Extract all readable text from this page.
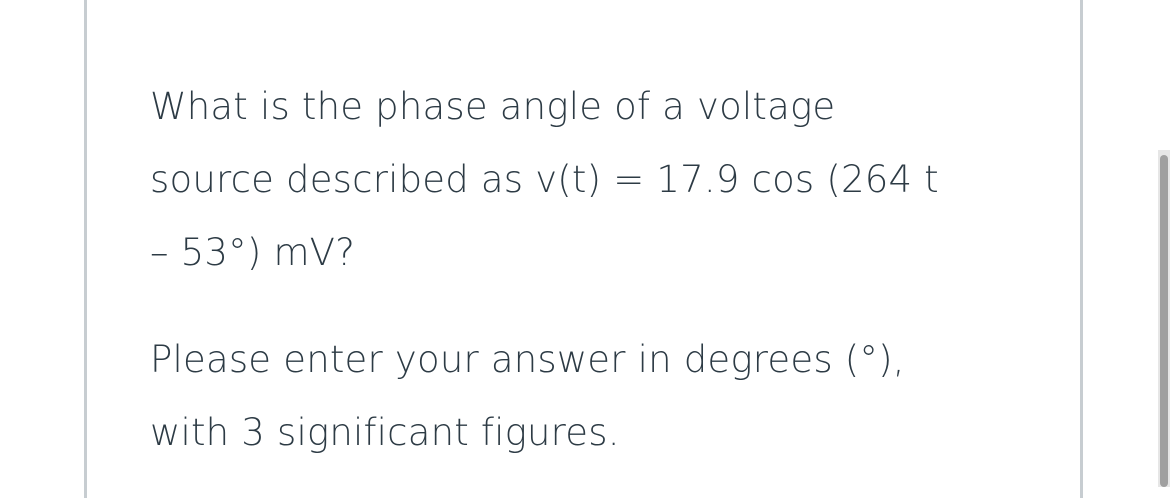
What is the phase angle of a voltage
source described as v(t) = 17.9 cos (264 t
– 53°) mV?
Please enter your answer in degrees (°),
with 3 significant figures.
